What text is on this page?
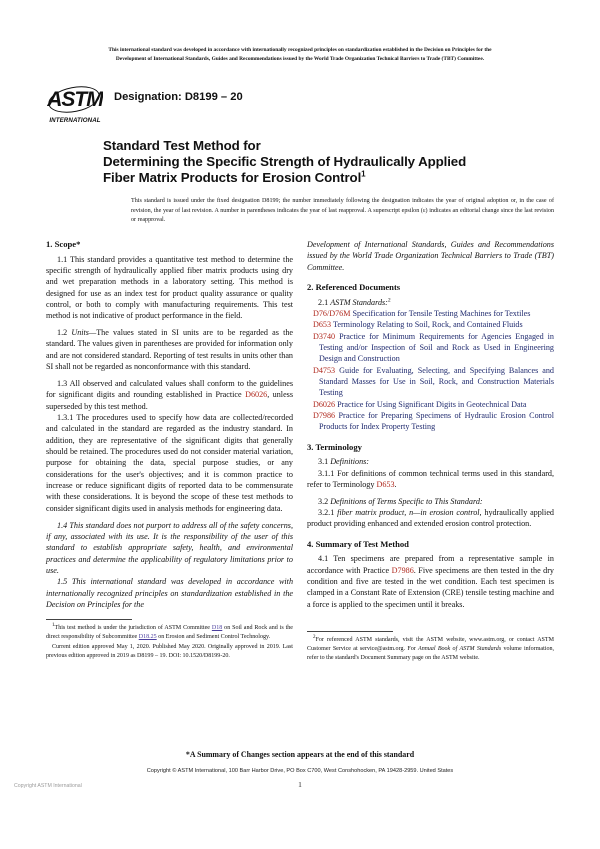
This international standard was developed in accordance with internationally recognized principles on standardization established in the Decision on Principles for the
Development of International Standards, Guides and Recommendations issued by the World Trade Organization Technical Barriers to Trade (TBT) Committee.
ASTM
INTERNATIONAL
Designation: D8199 – 20
Standard Test Method for
Determining the Specific Strength of Hydraulically Applied
Fiber Matrix Products for Erosion Control$^1$
This standard is issued under the fixed designation D8199; the number immediately following the designation indicates the year of original adoption or, in the case of revision, the year of last revision. A number in parentheses indicates the year of last reapproval. A superscript epsilon (ε) indicates an editorial change since the last revision or reapproval.
1. Scope*

1.1 This standard provides a quantitative test method to determine the specific strength of hydraulically applied fiber matrix products using dry and wet preparation methods in a laboratory setting. This method is designed for use as an index test for product quality assurance or quality control, or both to comply with manufacturing requirements. This test method is not indicative of product performance in the field.

1.2 Units—The values stated in SI units are to be regarded as the standard. The values given in parentheses are provided for information only and are not considered standard. Reporting of test results in units other than SI shall not be regarded as nonconformance with this standard.

1.3 All observed and calculated values shall conform to the guidelines for significant digits and rounding established in Practice D6026, unless superseded by this test method.

1.3.1 The procedures used to specify how data are collected/recorded and calculated in the standard are regarded as the industry standard. In addition, they are representative of the significant digits that generally should be retained. The procedures used do not consider material variation, purpose for obtaining the data, special purpose studies, or any considerations for the user's objectives; and it is common practice to increase or reduce significant digits of reported data to be commensurate with these considerations. It is beyond the scope of these test methods to consider significant digits used in analysis methods for engineering data.

1.4 This standard does not purport to address all of the safety concerns, if any, associated with its use. It is the responsibility of the user of this standard to establish appropriate safety, health, and environmental practices and determine the applicability of regulatory limitations prior to use.

1.5 This international standard was developed in accordance with internationally recognized principles on standardization established in the Decision on Principles for the

$^1$This test method is under the jurisdiction of ASTM Committee D18 on Soil and Rock and is the direct responsibility of Subcommittee D18.25 on Erosion and Sediment Control Technology.

Current edition approved May 1, 2020. Published May 2020. Originally approved in 2019. Last previous edition approved in 2019 as D8199 – 19. DOI: 10.1520/D8199-20.

Development of International Standards, Guides and Recommendations issued by the World Trade Organization Technical Barriers to Trade (TBT) Committee.

2. Referenced Documents

2.1 ASTM Standards:$^2$

D76/D76M Specification for Tensile Testing Machines for Textiles

D653 Terminology Relating to Soil, Rock, and Contained Fluids

D3740 Practice for Minimum Requirements for Agencies Engaged in Testing and/or Inspection of Soil and Rock as Used in Engineering Design and Construction

D4753 Guide for Evaluating, Selecting, and Specifying Balances and Standard Masses for Use in Soil, Rock, and Construction Materials Testing

D6026 Practice for Using Significant Digits in Geotechnical Data

D7986 Practice for Preparing Specimens of Hydraulic Erosion Control Products for Index Property Testing

3. Terminology

3.1 Definitions:

3.1.1 For definitions of common technical terms used in this standard, refer to Terminology D653.

3.2 Definitions of Terms Specific to This Standard:

3.2.1 fiber matrix product, n—in erosion control, hydraulically applied product providing enhanced and extended erosion control protection.

4. Summary of Test Method

4.1 Ten specimens are prepared from a representative sample in accordance with Practice D7986. Five specimens are then tested in the dry condition and five are tested in the wet condition. Each test specimen is clamped in a Constant Rate of Extension (CRE) tensile testing machine and a force is applied to the specimen until it breaks.

$^2$For referenced ASTM standards, visit the ASTM website, www.astm.org, or contact ASTM Customer Service at service@astm.org. For Annual Book of ASTM Standards volume information, refer to the standard's Document Summary page on the ASTM website.

*A Summary of Changes section appears at the end of this standard
Copyright © ASTM International, 100 Barr Harbor Drive, PO Box C700, West Conshohocken, PA 19428-2959. United States
Copyright ASTM International	1
